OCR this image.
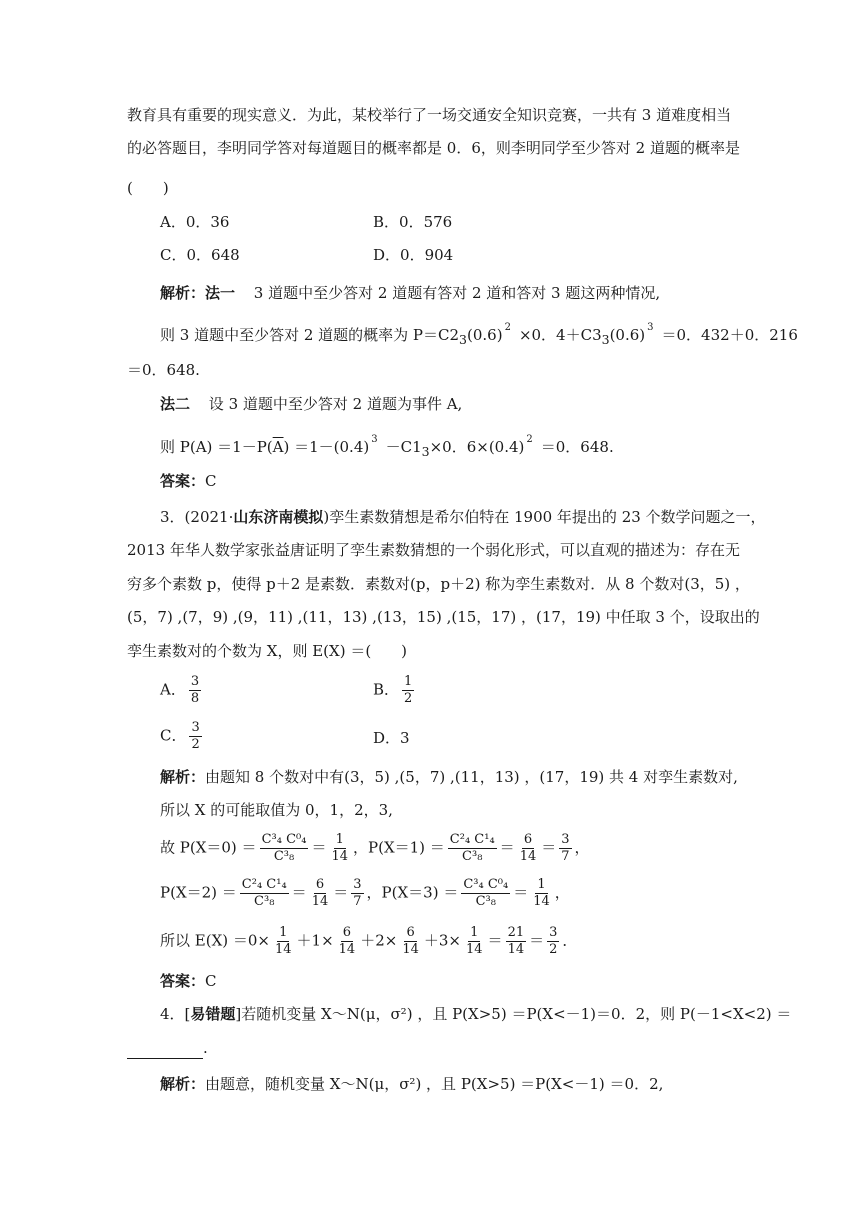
教育具有重要的现实意义．为此，某校举行了一场交通安全知识竞赛，一共有 3 道难度相当
的必答题目，李明同学答对每道题目的概率都是 0．6，则李明同学至少答对 2 道题的概率是
(　　)
A．0．36	B．0．576
C．0．648	D．0．904
解析：法一 3 道题中至少答对 2 道题有答对 2 道和答对 3 题这两种情况,
则 3 道题中至少答对 2 道题的概率为 $P=C2_3(0.6)$ $^2$ ×0．$4+C3_3(0.6)$ $^3$ ＝0．432＋0．216
＝0．648.
法二 设 3 道题中至少答对 2 道题为事件 A,
则 $P(A) =1-P(\overline{A}) =1-(0.4)$ $^3 -C1_3\times 0$．6×(0.4) $^2$ ＝0．648.
答案：C
3．(2021·山东济南模拟)孪生素数猜想是希尔伯特在 1900 年提出的 23 个数学问题之一，
2013 年华人数学家张益唐证明了孪生素数猜想的一个弱化形式，可以直观的描述为：存在无
穷多个素数 p，使得 p＋2 是素数．素数对(p，p＋2) 称为孪生素数对．从 8 个数对(3，5) ，
(5，7) ,(7，9) ,(9，11) ,(11，13) ,(13，15) ,(15，17) ，(17，19) 中任取 3 个，设取出的
孪生素数对的个数为 X，则 E(X) ＝(　　)
A． $\frac{3}{8}$	B． $\frac{1}{2}$
C． $\frac{3}{2}$	D．3
解析：由题知 8 个数对中有(3，5) ,(5，7) ,(11，13) ，(17，19) 共 4 对孪生素数对,
所以 X 的可能取值为 0，1，2，3,
故 $P(X=0) = \frac{\text{C³₄ C⁰₄}}{\text{C³₈}} = \frac{1}{14}$ ，$P(X=1) = \frac{\text{C²₄ C¹₄}}{\text{C³₈}} = \frac{6}{14} = \frac{3}{7}$ ，
$P(X=2) = \frac{\text{C²₄ C¹₄}}{\text{C³₈}} = \frac{6}{14} = \frac{3}{7}$ ，$P(X=3) = \frac{\text{C³₄ C⁰₄}}{\text{C³₈}} = \frac{1}{14}$ ，
所以 $E(X) =0\times \frac{1}{14} +1\times \frac{6}{14} +2\times \frac{6}{14} +3\times \frac{1}{14} = \frac{21}{14} = \frac{3}{2}$ ．
答案：C
4．[易错题]若随机变量 X～N(μ，σ²) ，且 P(X>5) ＝P(X<－1)＝0．2，则 P(－1<X<2) ＝
.
解析：由题意，随机变量 X～N(μ，σ²) ，且 P(X>5) ＝P(X<－1) ＝0．2,
